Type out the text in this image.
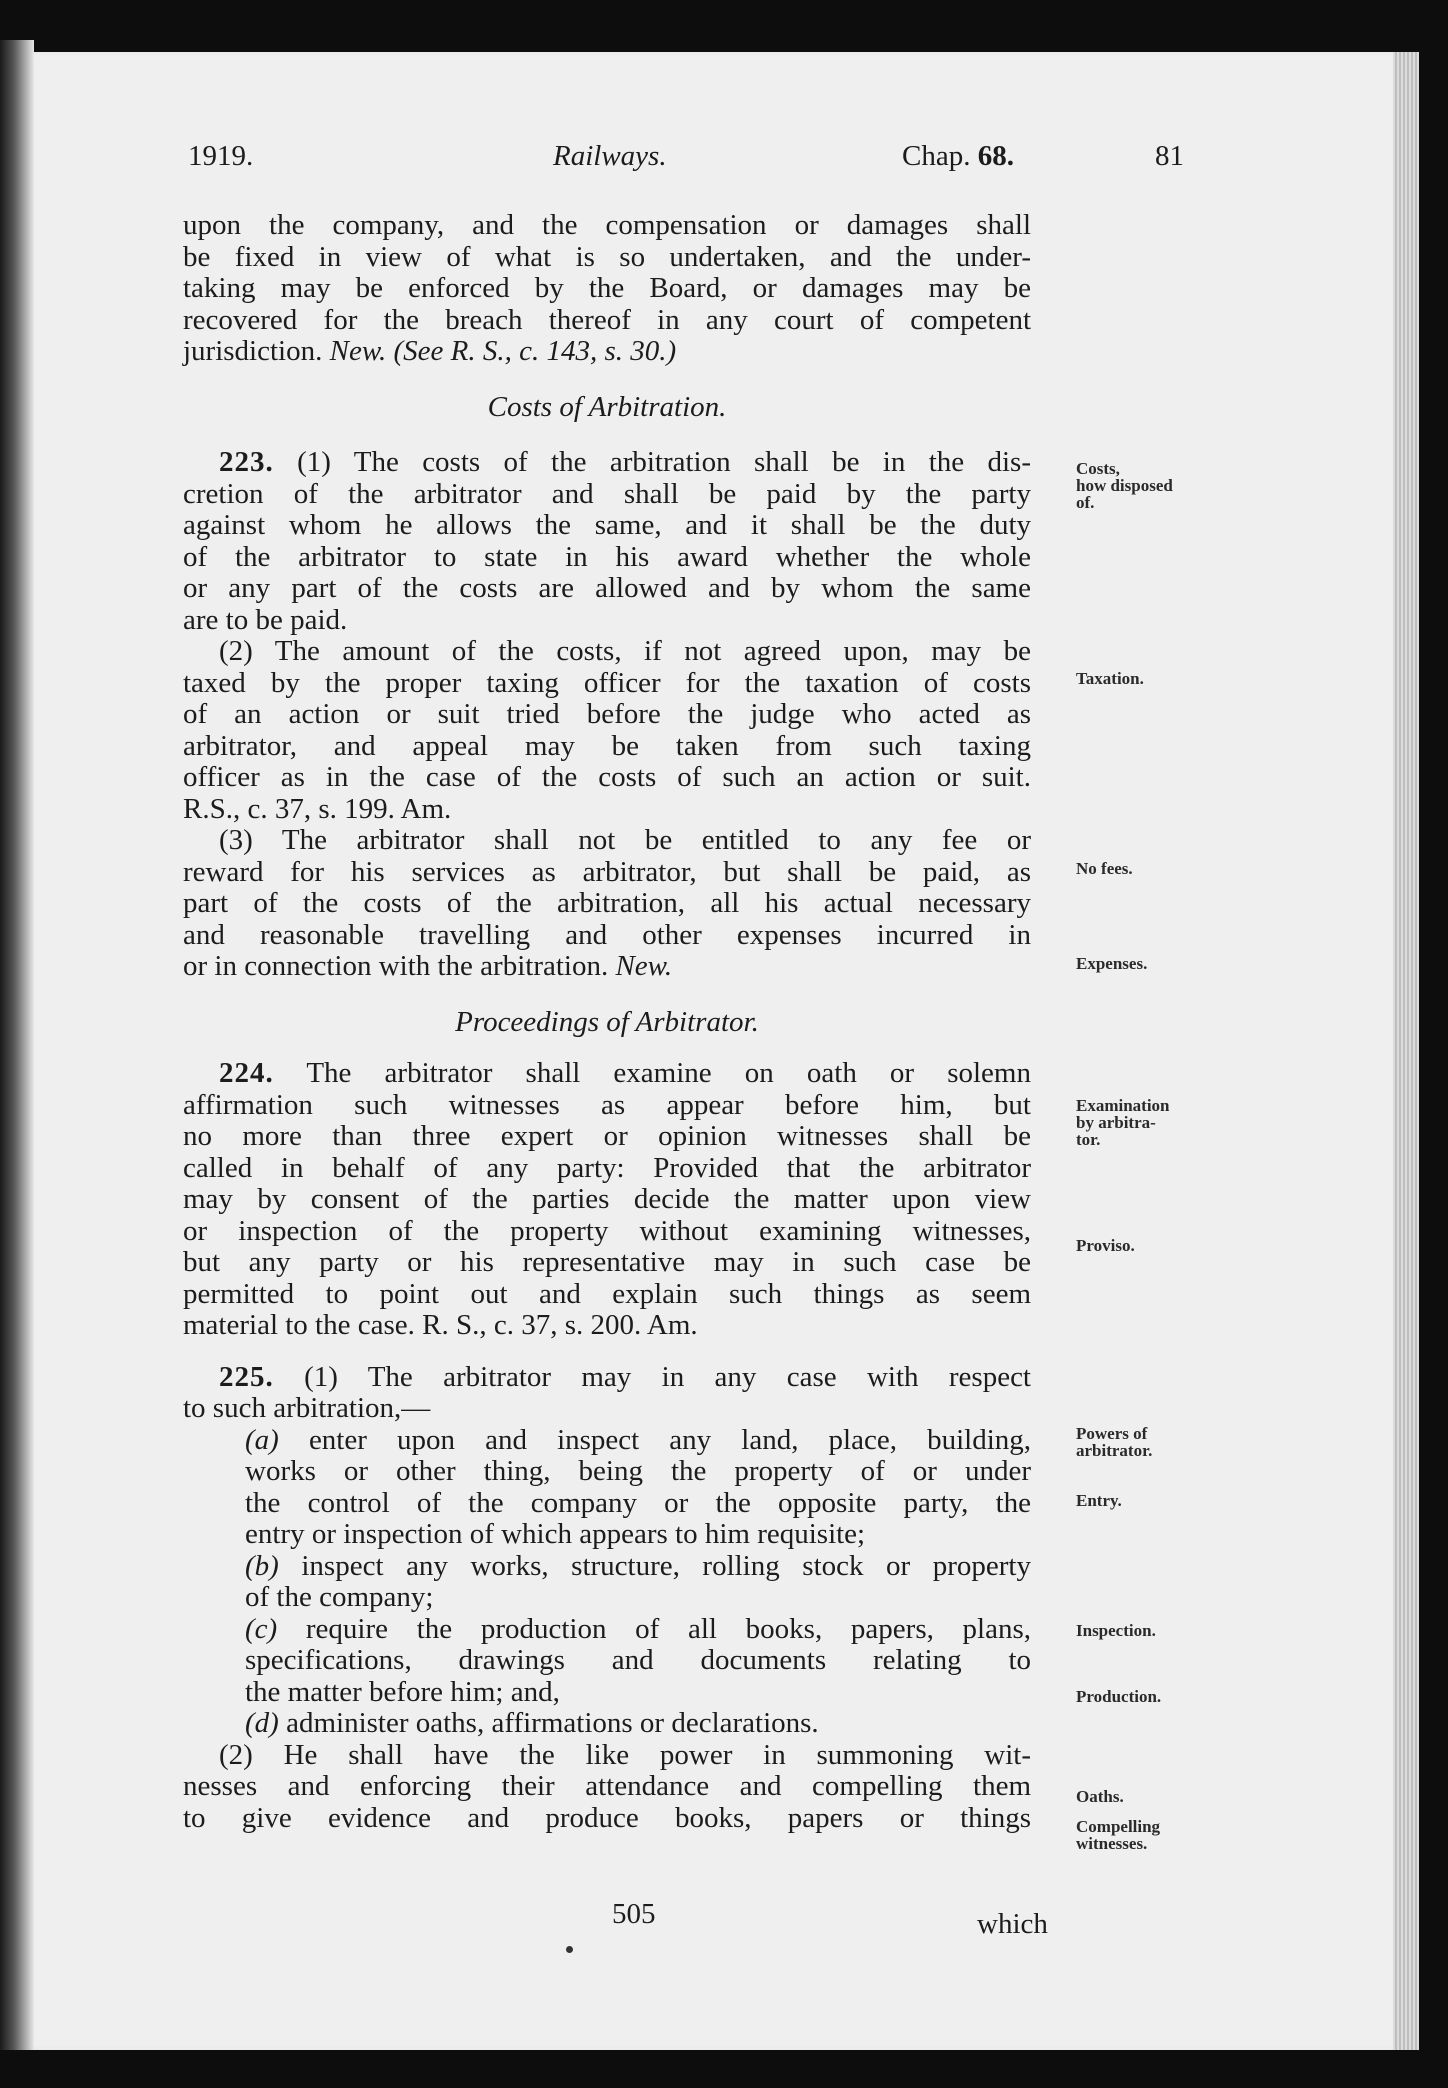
1919.	Railways.	Chap. 68.	81

upon the company, and the compensation or damages shall

be fixed in view of what is so undertaken, and the under-

taking may be enforced by the Board, or damages may be

recovered for the breach thereof in any court of competent

jurisdiction. New. (See R. S., c. 143, s. 30.)

Costs of Arbitration.

223. (1) The costs of the arbitration shall be in the dis-

cretion of the arbitrator and shall be paid by the party

against whom he allows the same, and it shall be the duty

of the arbitrator to state in his award whether the whole

or any part of the costs are allowed and by whom the same

are to be paid.

(2) The amount of the costs, if not agreed upon, may be

taxed by the proper taxing officer for the taxation of costs

of an action or suit tried before the judge who acted as

arbitrator, and appeal may be taken from such taxing

officer as in the case of the costs of such an action or suit.

R.S., c. 37, s. 199. Am.

(3) The arbitrator shall not be entitled to any fee or

reward for his services as arbitrator, but shall be paid, as

part of the costs of the arbitration, all his actual necessary

and reasonable travelling and other expenses incurred in

or in connection with the arbitration. New.

Proceedings of Arbitrator.

224. The arbitrator shall examine on oath or solemn

affirmation such witnesses as appear before him, but

no more than three expert or opinion witnesses shall be

called in behalf of any party: Provided that the arbitrator

may by consent of the parties decide the matter upon view

or inspection of the property without examining witnesses,

but any party or his representative may in such case be

permitted to point out and explain such things as seem

material to the case. R. S., c. 37, s. 200. Am.

225. (1) The arbitrator may in any case with respect

to such arbitration,—

(a) enter upon and inspect any land, place, building,

works or other thing, being the property of or under

the control of the company or the opposite party, the

entry or inspection of which appears to him requisite;

(b) inspect any works, structure, rolling stock or property

of the company;

(c) require the production of all books, papers, plans,

specifications, drawings and documents relating to

the matter before him; and,

(d) administer oaths, affirmations or declarations.

(2) He shall have the like power in summoning wit-

nesses and enforcing their attendance and compelling them

to give evidence and produce books, papers or things

Costs,
how disposed
of.
Taxation.
No fees.
Expenses.
Examination
by arbitra-
tor.
Proviso.
Powers of
arbitrator.
Entry.
Inspection.
Production.
Oaths.
Compelling
witnesses.
505	which
